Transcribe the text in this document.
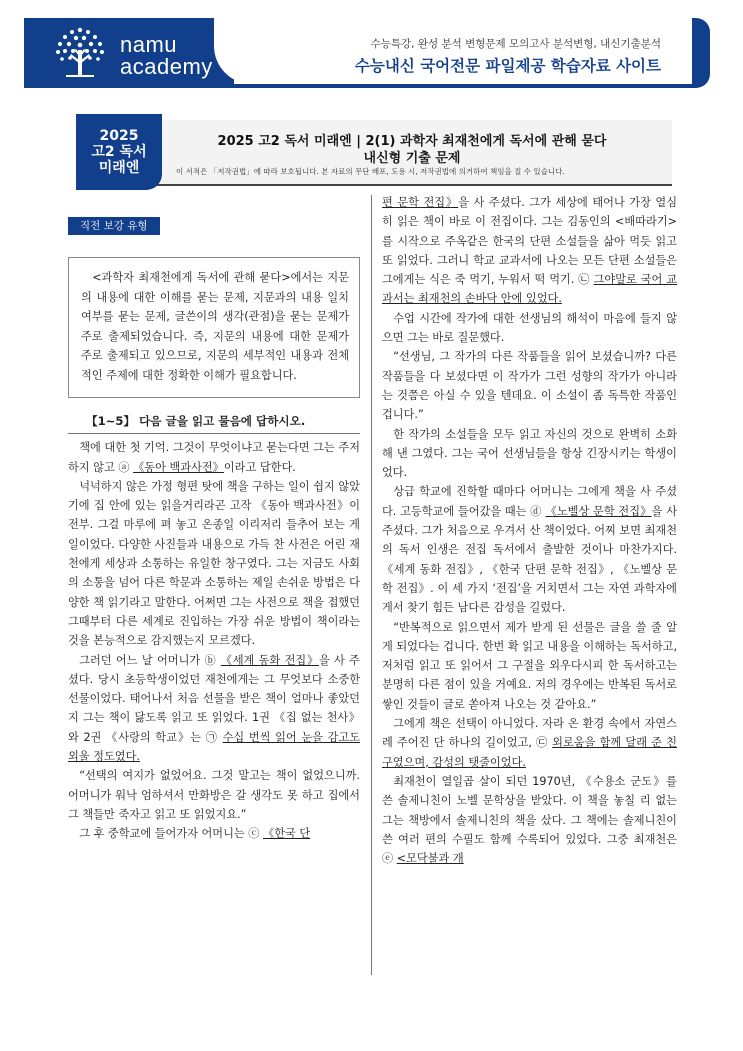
namu
academy
수능특강, 완성 분석 변형문제 모의고사 분석변형, 내신기출분석
수능내신 국어전문 파일제공 학습자료 사이트
2025
고2 독서
미래엔
2025 고2 독서 미래엔 | 2(1) 과학자 최재천에게 독서에 관해 묻다
내신형 기출 문제
이 서적은 「저작권법」에 따라 보호됩니다. 본 자료의 무단 배포, 도용 시, 저작권법에 의거하여 책임을 질 수 있습니다.
직전 보강 유형

<과학자 최재천에게 독서에 관해 묻다>에서는 지문의 내용에 대한 이해를 묻는 문제, 지문과의 내용 일치 여부를 묻는 문제, 글쓴이의 생각(관점)을 묻는 문제가 주로 출제되었습니다. 즉, 지문의 내용에 대한 문제가 주로 출제되고 있으므로, 지문의 세부적인 내용과 전체적인 주제에 대한 정확한 이해가 필요합니다.

【1~5】 다음 글을 읽고 물음에 답하시오.

책에 대한 첫 기억. 그것이 무엇이냐고 묻는다면 그는 주저하지 않고 ⓐ 《동아 백과사전》이라고 답한다.

넉넉하지 않은 가정 형편 탓에 책을 구하는 일이 쉽지 않았기에 집 안에 있는 읽을거리라곤 고작 《동아 백과사전》이 전부. 그걸 마루에 펴 놓고 온종일 이리저리 들추어 보는 게 일이었다. 다양한 사진들과 내용으로 가득 찬 사전은 어린 재천에게 세상과 소통하는 유일한 창구였다. 그는 지금도 사회의 소통을 넘어 다른 학문과 소통하는 제일 손쉬운 방법은 다양한 책 읽기라고 말한다. 어쩌면 그는 사전으로 책을 접했던 그때부터 다른 세계로 진입하는 가장 쉬운 방법이 책이라는 것을 본능적으로 감지했는지 모르겠다.

그러던 어느 날 어머니가 ⓑ 《세계 동화 전집》을 사 주셨다. 당시 초등학생이었던 재천에게는 그 무엇보다 소중한 선물이었다. 태어나서 처음 선물을 받은 책이 얼마나 좋았던지 그는 책이 닳도록 읽고 또 읽었다. 1권 《집 없는 천사》와 2권 《사랑의 학교》는 ㉠ 수십 번씩 읽어 눈을 감고도 외울 정도였다.

“선택의 여지가 없었어요. 그것 말고는 책이 없었으니까. 어머니가 워낙 엄하셔서 만화방은 갈 생각도 못 하고 집에서 그 책들만 죽자고 읽고 또 읽었지요.”

그 후 중학교에 들어가자 어머니는 ⓒ 《한국 단

편 문학 전집》을 사 주셨다. 그가 세상에 태어나 가장 열심히 읽은 책이 바로 이 전집이다. 그는 김동인의 <배따라기>를 시작으로 주옥같은 한국의 단편 소설들을 삶아 먹듯 읽고 또 읽었다. 그러니 학교 교과서에 나오는 모든 단편 소설들은 그에게는 식은 죽 먹기, 누워서 떡 먹기. ㉡ 그야말로 국어 교과서는 최재천의 손바닥 안에 있었다.

수업 시간에 작가에 대한 선생님의 해석이 마음에 들지 않으면 그는 바로 질문했다.

“선생님, 그 작가의 다른 작품들을 읽어 보셨습니까? 다른 작품들을 다 보셨다면 이 작가가 그런 성향의 작가가 아니라는 것쯤은 아실 수 있을 텐데요. 이 소설이 좀 독특한 작품인 겁니다.”

한 작가의 소설들을 모두 읽고 자신의 것으로 완벽히 소화해 낸 그였다. 그는 국어 선생님들을 항상 긴장시키는 학생이었다.

상급 학교에 진학할 때마다 어머니는 그에게 책을 사 주셨다. 고등학교에 들어갔을 때는 ⓓ 《노벨상 문학 전집》을 사 주셨다. 그가 처음으로 우겨서 산 책이었다. 어찌 보면 최재천의 독서 인생은 전집 독서에서 출발한 것이나 마찬가지다. 《세계 동화 전집》, 《한국 단편 문학 전집》, 《노벨상 문학 전집》. 이 세 가지 ‘전집’을 거치면서 그는 자연 과학자에게서 찾기 힘든 남다른 감성을 길렀다.

“반복적으로 읽으면서 제가 받게 된 선물은 글을 쓸 줄 알게 되었다는 겁니다. 한번 확 읽고 내용을 이해하는 독서하고, 저처럼 읽고 또 읽어서 그 구절을 외우다시피 한 독서하고는 분명히 다른 점이 있을 거예요. 저의 경우에는 반복된 독서로 쌓인 것들이 글로 쏟아져 나오는 것 같아요.”

그에게 책은 선택이 아니었다. 자라 온 환경 속에서 자연스레 주어진 단 하나의 길이었고, ㉢ 외로움을 함께 달래 준 친구였으며, 감성의 탯줄이었다.

최재천이 열일곱 살이 되던 1970년, 《수용소 군도》를 쓴 솔제니친이 노벨 문학상을 받았다. 이 책을 놓칠 리 없는 그는 책방에서 솔제니친의 책을 샀다. 그 책에는 솔제니친이 쓴 여러 편의 수필도 함께 수록되어 있었다. 그중 최재천은 ⓔ <모닥불과 개
